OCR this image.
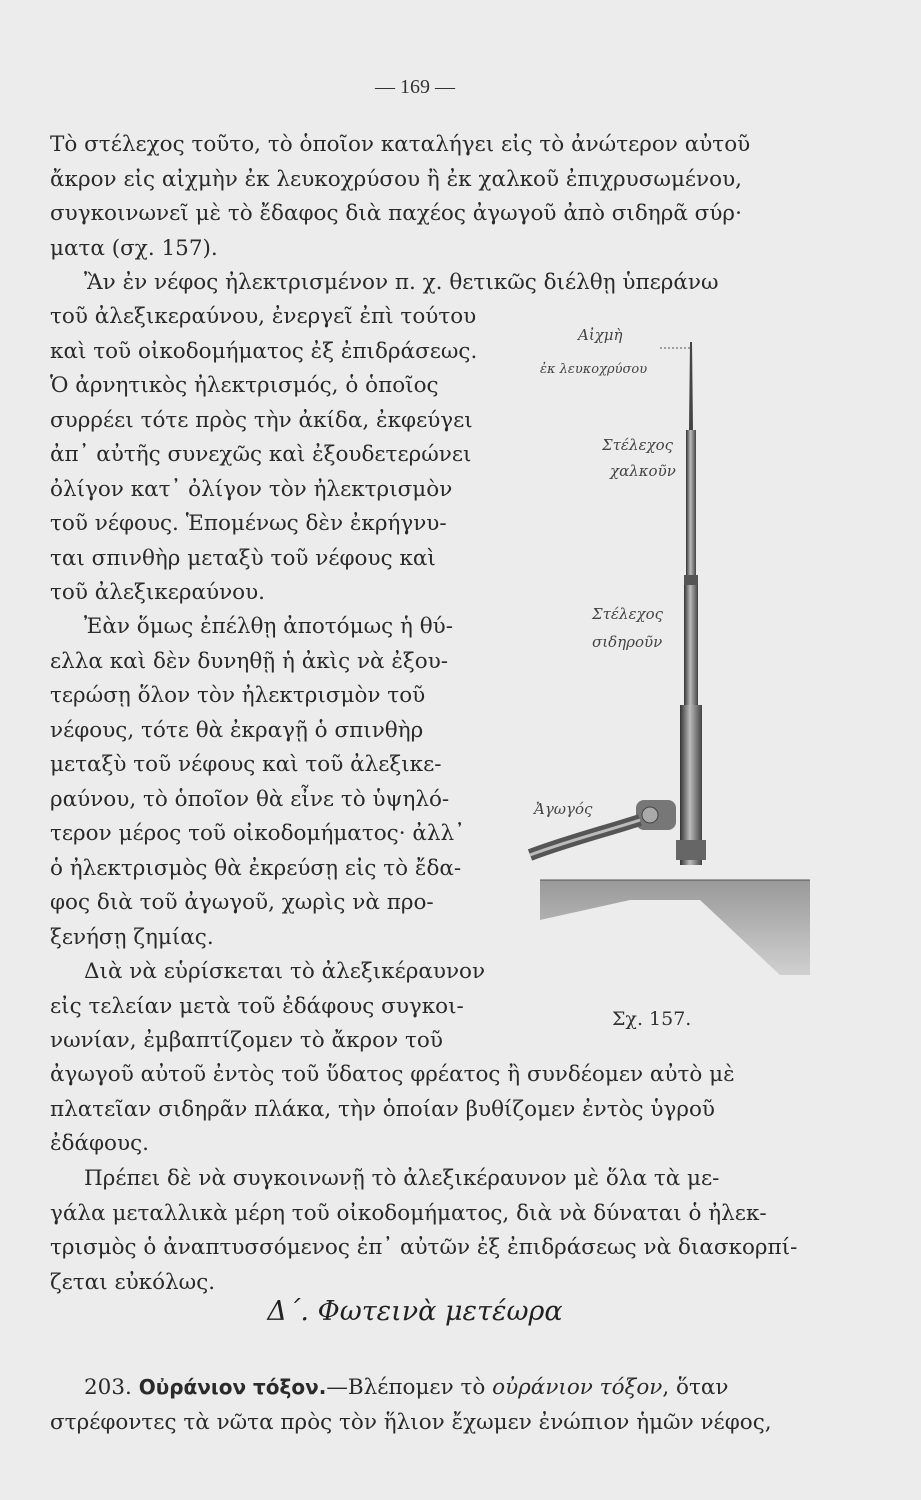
— 169 —

Τὸ στέλεχος τοῦτο, τὸ ὁποῖον καταλήγει εἰς τὸ ἀνώτερον αὐτοῦ

ἄκρον εἰς αἰχμὴν ἐκ λευκοχρύσου ἢ ἐκ χαλκοῦ ἐπιχρυσωμένου,

συγκοινωνεῖ μὲ τὸ ἔδαφος διὰ παχέος ἀγωγοῦ ἀπὸ σιδηρᾶ σύρ·

ματα (σχ. 157).

Ἂν ἐν νέφος ἠλεκτρισμένον π. χ. θετικῶς διέλθῃ ὑπεράνω

τοῦ ἀλεξικεραύνου, ἐνεργεῖ ἐπὶ τούτου

καὶ τοῦ οἰκοδομήματος ἐξ ἐπιδράσεως.

Ὁ ἀρνητικὸς ἠλεκτρισμός, ὁ ὁποῖος

συρρέει τότε πρὸς τὴν ἀκίδα, ἐκφεύγει

ἀπ᾿ αὐτῆς συνεχῶς καὶ ἐξουδετερώνει

ὀλίγον κατ᾿ ὀλίγον τὸν ἠλεκτρισμὸν

τοῦ νέφους. Ἑπομένως δὲν ἐκρήγνυ-

ται σπινθὴρ μεταξὺ τοῦ νέφους καὶ

τοῦ ἀλεξικεραύνου.

Ἐὰν ὅμως ἐπέλθῃ ἀποτόμως ἡ θύ-

ελλα καὶ δὲν δυνηθῇ ἡ ἀκὶς νὰ ἐξου-

τερώσῃ ὅλον τὸν ἠλεκτρισμὸν τοῦ

νέφους, τότε θὰ ἐκραγῇ ὁ σπινθὴρ

μεταξὺ τοῦ νέφους καὶ τοῦ ἀλεξικε-

ραύνου, τὸ ὁποῖον θὰ εἶνε τὸ ὑψηλό-

τερον μέρος τοῦ οἰκοδομήματος· ἀλλ᾿

ὁ ἠλεκτρισμὸς θὰ ἐκρεύσῃ εἰς τὸ ἔδα-

φος διὰ τοῦ ἀγωγοῦ, χωρὶς νὰ προ-

ξενήσῃ ζημίας.

Διὰ νὰ εὑρίσκεται τὸ ἀλεξικέραυνον

εἰς τελείαν μετὰ τοῦ ἐδάφους συγκοι-

νωνίαν, ἐμβαπτίζομεν τὸ ἄκρον τοῦ

ἀγωγοῦ αὐτοῦ ἐντὸς τοῦ ὕδατος φρέατος ἢ συνδέομεν αὐτὸ μὲ

πλατεῖαν σιδηρᾶν πλάκα, τὴν ὁποίαν βυθίζομεν ἐντὸς ὑγροῦ

ἐδάφους.

Πρέπει δὲ νὰ συγκοινωνῇ τὸ ἀλεξικέραυνον μὲ ὅλα τὰ με-

γάλα μεταλλικὰ μέρη τοῦ οἰκοδομήματος, διὰ νὰ δύναται ὁ ἠλεκ-

τρισμὸς ὁ ἀναπτυσσόμενος ἐπ᾿ αὐτῶν ἐξ ἐπιδράσεως νὰ διασκορπί-

ζεται εὐκόλως.

Δ΄. Φωτεινὰ μετέωρα

203. Οὐράνιον τόξον.—Βλέπομεν τὸ οὐράνιον τόξον, ὅταν

στρέφοντες τὰ νῶτα πρὸς τὸν ἥλιον ἔχωμεν ἐνώπιον ἡμῶν νέφος,

Αἰχμὴ
ἐκ λευκοχρύσου
Στέλεχος
χαλκοῦν
Στέλεχος
σιδηροῦν
Ἀγωγός
Σχ. 157.
